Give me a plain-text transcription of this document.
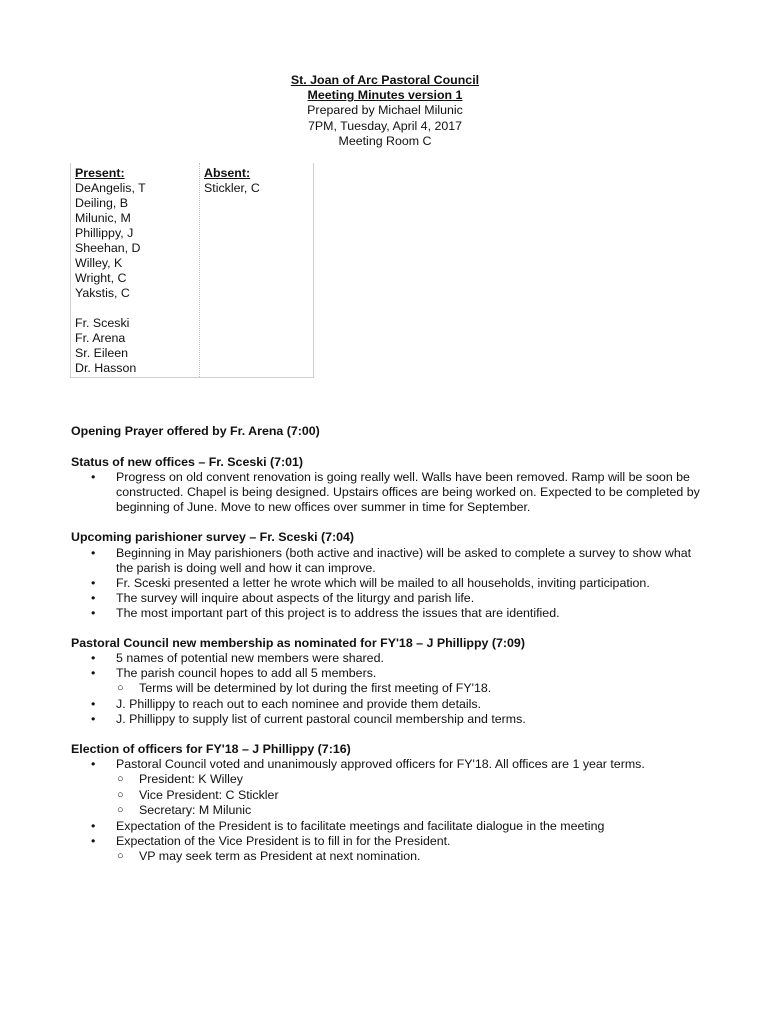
St. Joan of Arc Pastoral Council
Meeting Minutes version 1
Prepared by Michael Milunic
7PM, Tuesday, April 4, 2017
Meeting Room C
Present:
DeAngelis, T
Deiling, B
Milunic, M
Phillippy, J
Sheehan, D
Willey, K
Wright, C
Yakstis, C
Fr. Sceski
Fr. Arena
Sr. Eileen
Dr. Hasson
Absent:
Stickler, C
Opening Prayer offered by Fr. Arena (7:00)
Status of new offices – Fr. Sceski (7:01)
• Progress on old convent renovation is going really well. Walls have been removed. Ramp will be soon be constructed. Chapel is being designed. Upstairs offices are being worked on. Expected to be completed by beginning of June. Move to new offices over summer in time for September.
Upcoming parishioner survey – Fr. Sceski (7:04)
• Beginning in May parishioners (both active and inactive) will be asked to complete a survey to show what the parish is doing well and how it can improve.
• Fr. Sceski presented a letter he wrote which will be mailed to all households, inviting participation.
• The survey will inquire about aspects of the liturgy and parish life.
• The most important part of this project is to address the issues that are identified.
Pastoral Council new membership as nominated for FY'18 – J Phillippy (7:09)
• 5 names of potential new members were shared.
• The parish council hopes to add all 5 members.
○ Terms will be determined by lot during the first meeting of FY'18.
• J. Phillippy to reach out to each nominee and provide them details.
• J. Phillippy to supply list of current pastoral council membership and terms.
Election of officers for FY'18 – J Phillippy (7:16)
• Pastoral Council voted and unanimously approved officers for FY'18. All offices are 1 year terms.
○ President: K Willey
○ Vice President: C Stickler
○ Secretary: M Milunic
• Expectation of the President is to facilitate meetings and facilitate dialogue in the meeting
• Expectation of the Vice President is to fill in for the President.
○ VP may seek term as President at next nomination.
